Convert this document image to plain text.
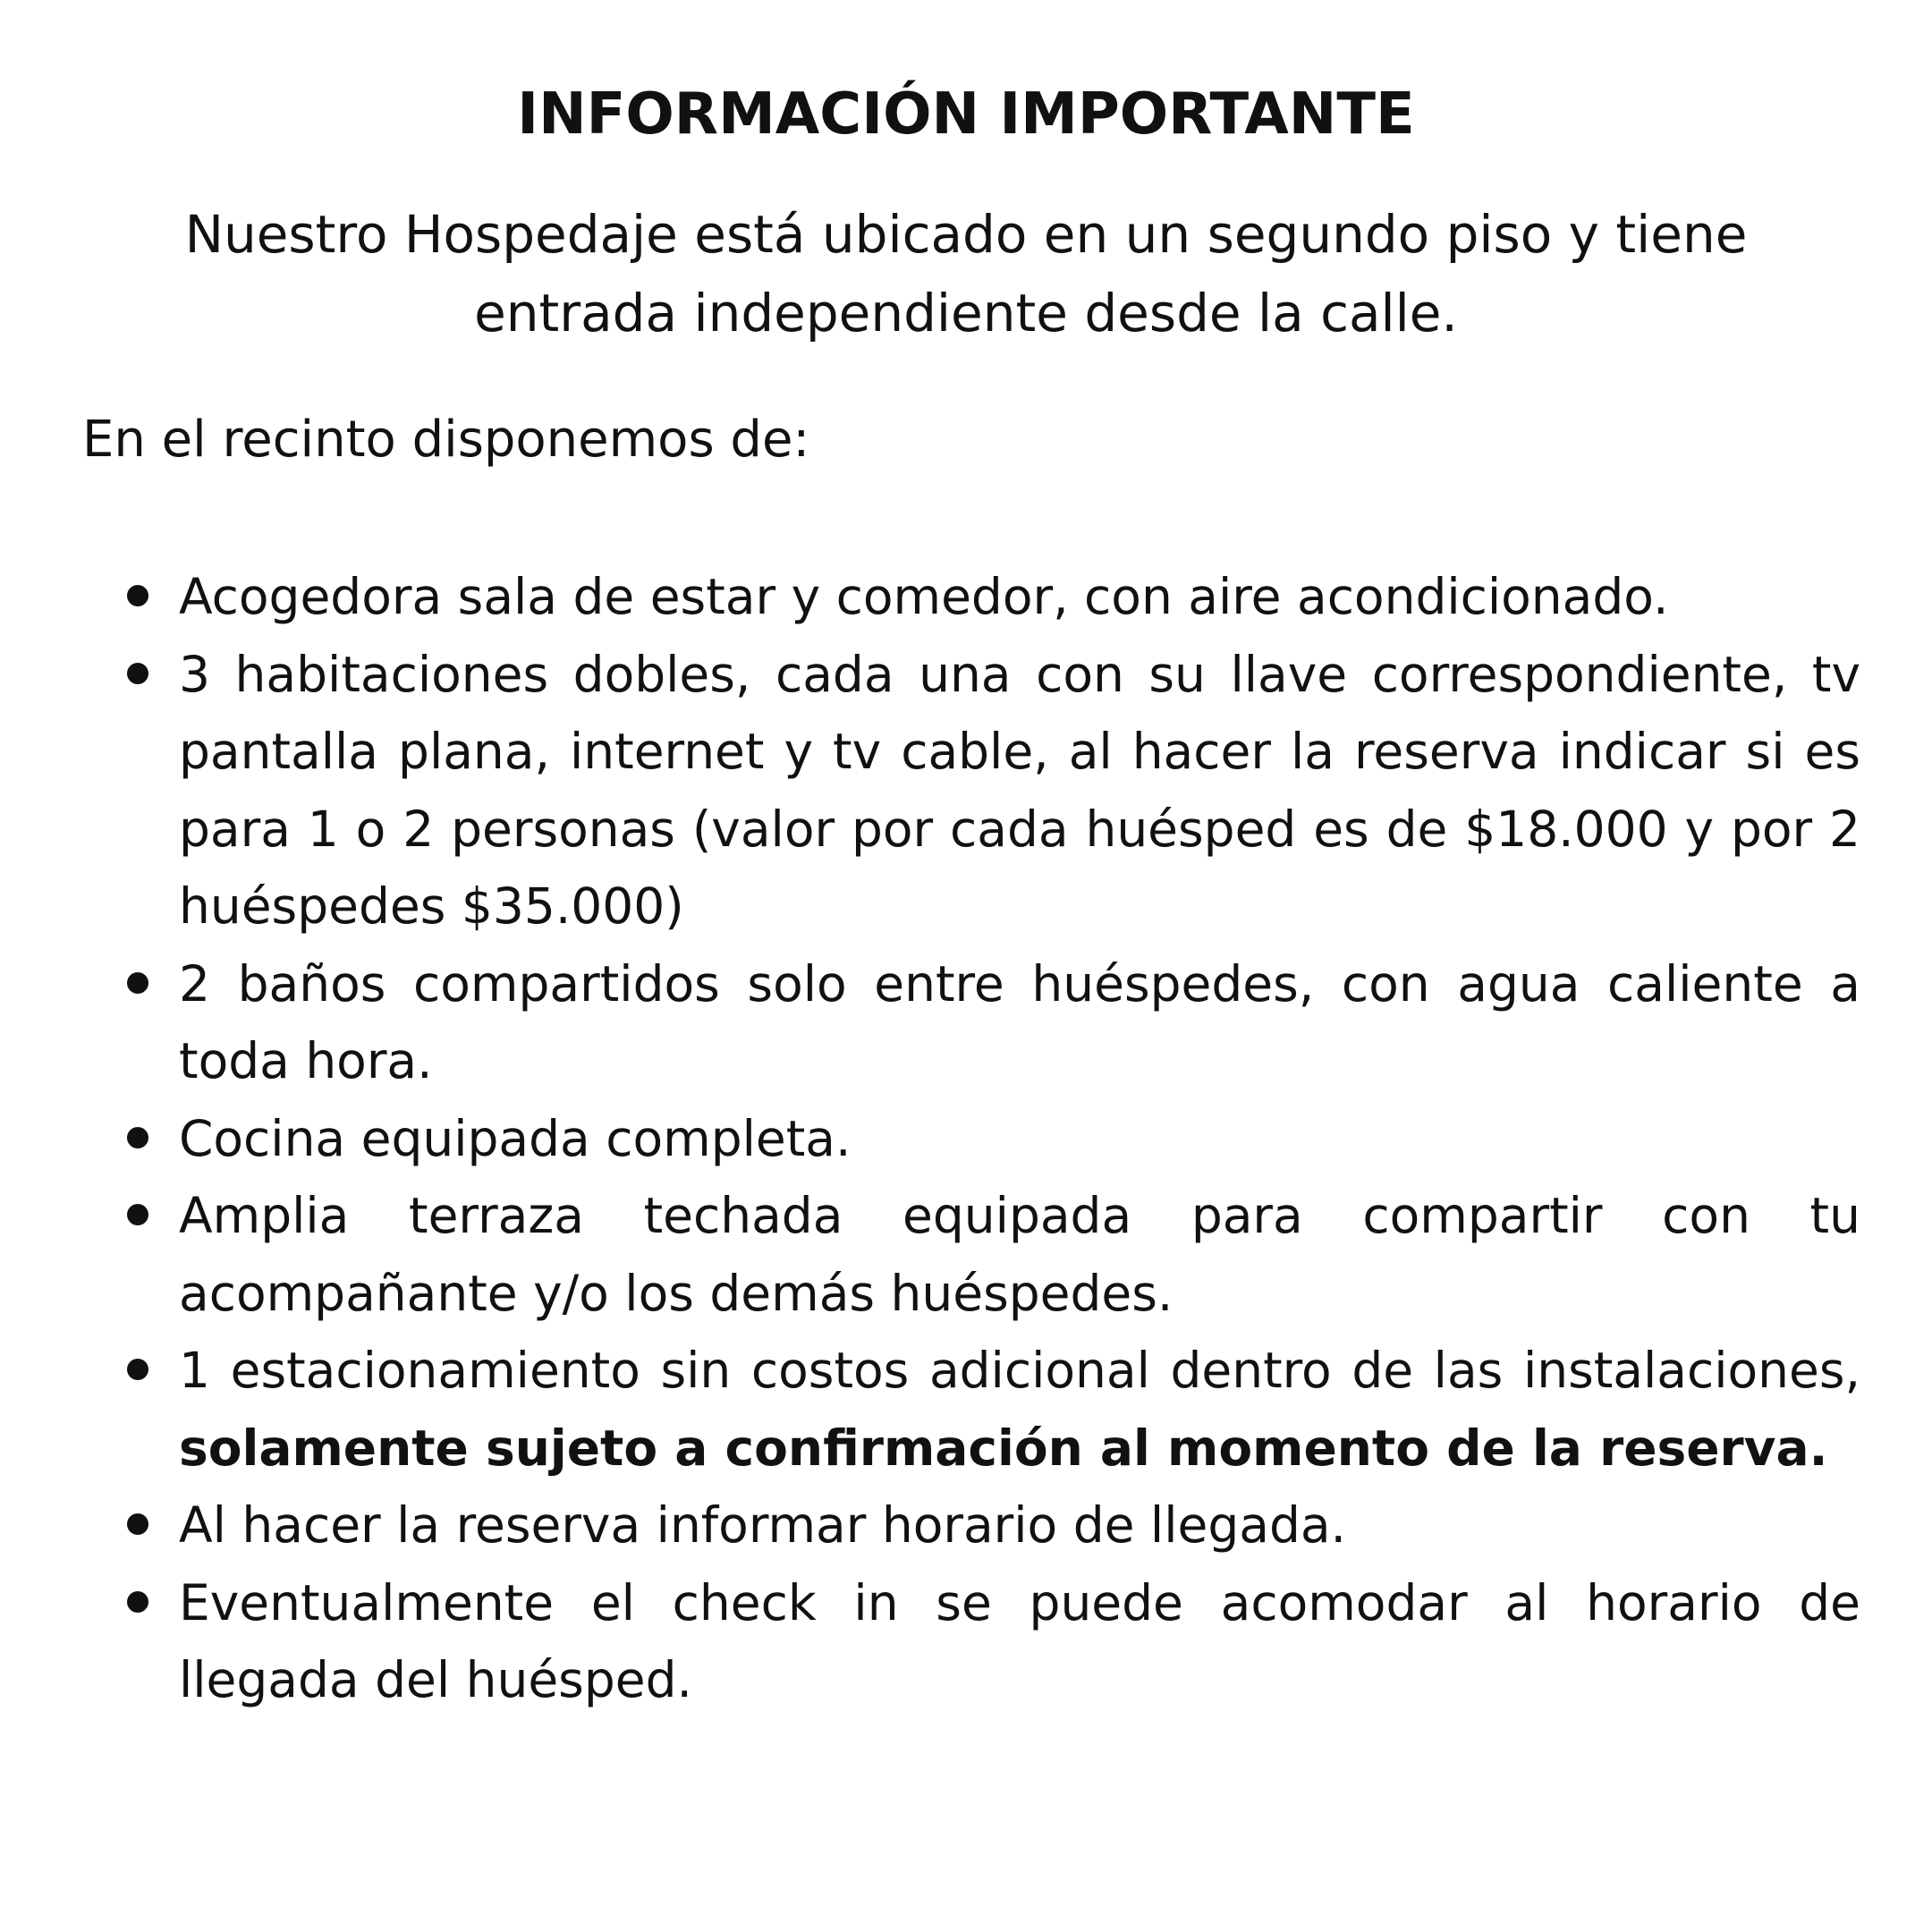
INFORMACIÓN IMPORTANTE
Nuestro Hospedaje está ubicado en un segundo piso y tiene entrada independiente desde la calle.
En el recinto disponemos de:
Acogedora sala de estar y comedor, con aire acondicionado.
3 habitaciones dobles, cada una con su llave correspondiente, tv pantalla plana, internet y tv cable, al hacer la reserva indicar si es para 1 o 2 personas (valor por cada huésped es de $18.000 y por 2 huéspedes $35.000)
2 baños compartidos solo entre huéspedes, con agua caliente a toda hora.
Cocina equipada completa.
Amplia terraza techada equipada para compartir con tu acompañante y/o los demás huéspedes.
1 estacionamiento sin costos adicional dentro de las instalaciones, solamente sujeto a confirmación al momento de la reserva.
Al hacer la reserva informar horario de llegada.
Eventualmente el check in se puede acomodar al horario de llegada del huésped.
